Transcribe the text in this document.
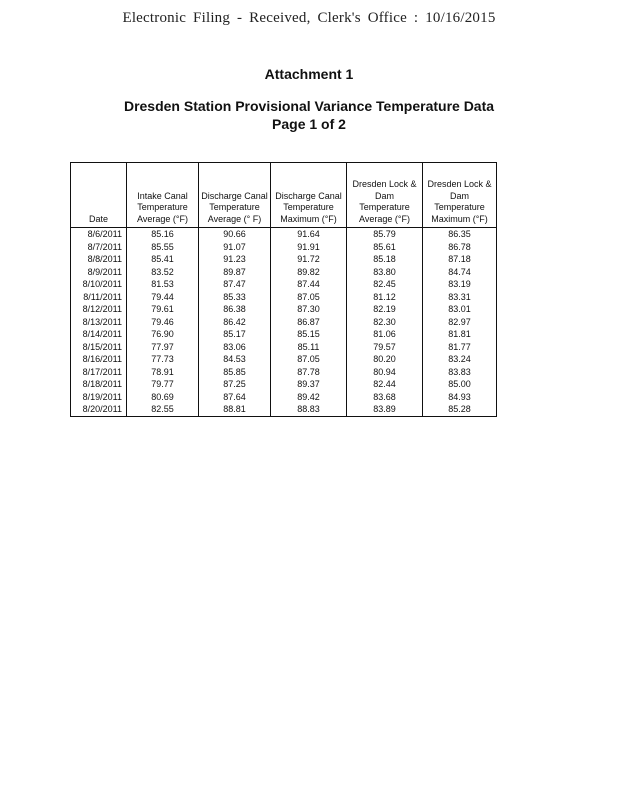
Electronic Filing - Received, Clerk's Office : 10/16/2015
Attachment 1
Dresden Station Provisional Variance Temperature Data
Page 1 of 2
Date	Intake Canal Temperature Average (°F)	Discharge Canal Temperature Average (° F)	Discharge Canal Temperature Maximum (°F)	Dresden Lock & Dam Temperature Average (°F)	Dresden Lock & Dam Temperature Maximum (°F)
8/6/2011	85.16	90.66	91.64	85.79	86.35
8/7/2011	85.55	91.07	91.91	85.61	86.78
8/8/2011	85.41	91.23	91.72	85.18	87.18
8/9/2011	83.52	89.87	89.82	83.80	84.74
8/10/2011	81.53	87.47	87.44	82.45	83.19
8/11/2011	79.44	85.33	87.05	81.12	83.31
8/12/2011	79.61	86.38	87.30	82.19	83.01
8/13/2011	79.46	86.42	86.87	82.30	82.97
8/14/2011	76.90	85.17	85.15	81.06	81.81
8/15/2011	77.97	83.06	85.11	79.57	81.77
8/16/2011	77.73	84.53	87.05	80.20	83.24
8/17/2011	78.91	85.85	87.78	80.94	83.83
8/18/2011	79.77	87.25	89.37	82.44	85.00
8/19/2011	80.69	87.64	89.42	83.68	84.93
8/20/2011	82.55	88.81	88.83	83.89	85.28
